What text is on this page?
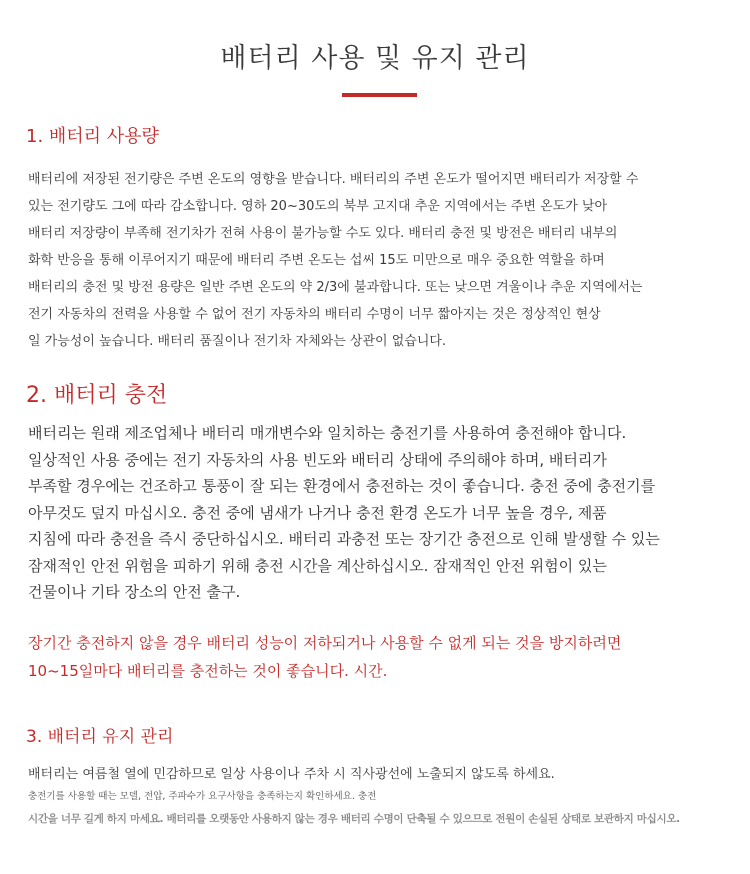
배터리 사용 및 유지 관리
1. 배터리 사용량
배터리에 저장된 전기량은 주변 온도의 영향을 받습니다. 배터리의 주변 온도가 떨어지면 배터리가 저장할 수
있는 전기량도 그에 따라 감소합니다. 영하 20~30도의 북부 고지대 추운 지역에서는 주변 온도가 낮아
배터리 저장량이 부족해 전기차가 전혀 사용이 불가능할 수도 있다. 배터리 충전 및 방전은 배터리 내부의
화학 반응을 통해 이루어지기 때문에 배터리 주변 온도는 섭씨 15도 미만으로 매우 중요한 역할을 하며
배터리의 충전 및 방전 용량은 일반 주변 온도의 약 2/3에 불과합니다. 또는 낮으면 겨울이나 추운 지역에서는
전기 자동차의 전력을 사용할 수 없어 전기 자동차의 배터리 수명이 너무 짧아지는 것은 정상적인 현상
일 가능성이 높습니다. 배터리 품질이나 전기차 자체와는 상관이 없습니다.
2. 배터리 충전
배터리는 원래 제조업체나 배터리 매개변수와 일치하는 충전기를 사용하여 충전해야 합니다.
일상적인 사용 중에는 전기 자동차의 사용 빈도와 배터리 상태에 주의해야 하며, 배터리가
부족할 경우에는 건조하고 통풍이 잘 되는 환경에서 충전하는 것이 좋습니다. 충전 중에 충전기를
아무것도 덮지 마십시오. 충전 중에 냄새가 나거나 충전 환경 온도가 너무 높을 경우, 제품
지침에 따라 충전을 즉시 중단하십시오. 배터리 과충전 또는 장기간 충전으로 인해 발생할 수 있는
잠재적인 안전 위험을 피하기 위해 충전 시간을 계산하십시오. 잠재적인 안전 위험이 있는
건물이나 기타 장소의 안전 출구.
장기간 충전하지 않을 경우 배터리 성능이 저하되거나 사용할 수 없게 되는 것을 방지하려면
10~15일마다 배터리를 충전하는 것이 좋습니다. 시간.
3. 배터리 유지 관리
배터리는 여름철 열에 민감하므로 일상 사용이나 주차 시 직사광선에 노출되지 않도록 하세요.
충전기를 사용할 때는 모델, 전압, 주파수가 요구사항을 충족하는지 확인하세요. 충전
시간을 너무 길게 하지 마세요. 배터리를 오랫동안 사용하지 않는 경우 배터리 수명이 단축될 수 있으므로 전원이 손실된 상태로 보관하지 마십시오.
